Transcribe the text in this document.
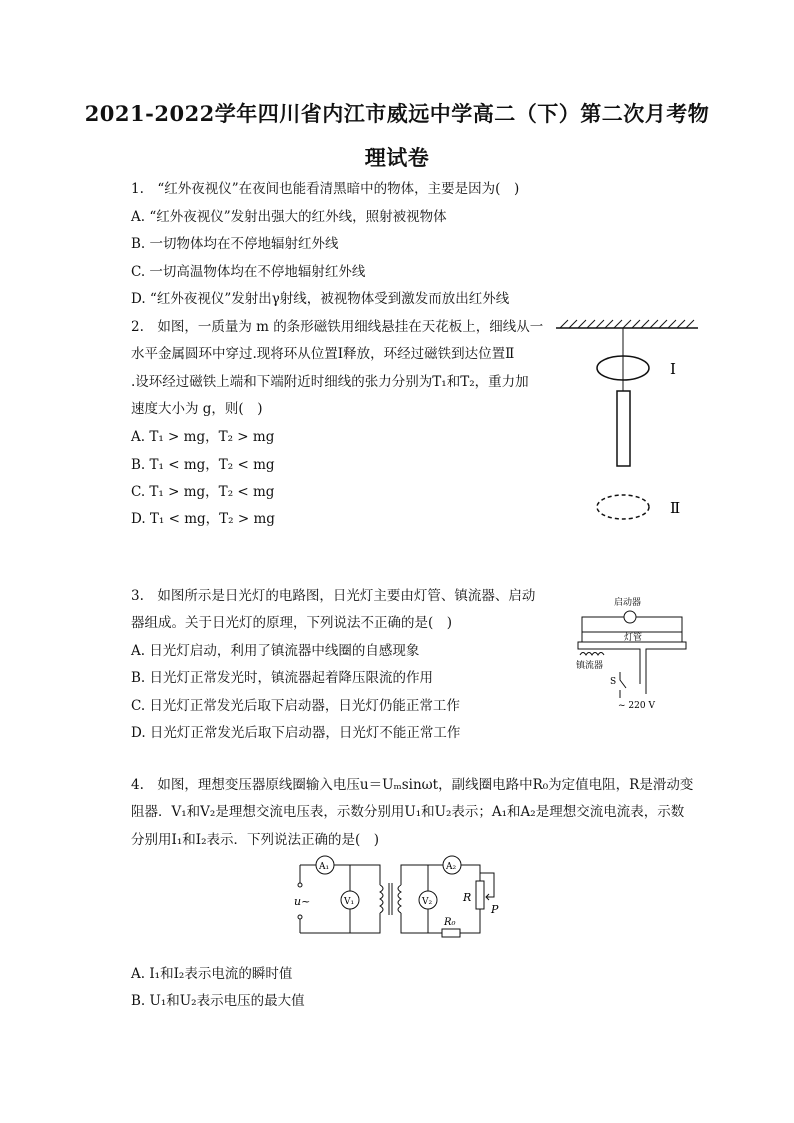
2021-2022学年四川省内江市威远中学高二（下）第二次月考物
理试卷
1.　“红外夜视仪”在夜间也能看清黑暗中的物体，主要是因为(　)
A. “红外夜视仪”发射出强大的红外线，照射被视物体
B. 一切物体均在不停地辐射红外线
C. 一切高温物体均在不停地辐射红外线
D. “红外夜视仪”发射出γ射线，被视物体受到激发而放出红外线
2.　如图，一质量为 m 的条形磁铁用细线悬挂在天花板上，细线从一
水平金属圆环中穿过.现将环从位置Ⅰ释放，环经过磁铁到达位置Ⅱ
.设环经过磁铁上端和下端附近时细线的张力分别为T₁和T₂，重力加
速度大小为 g，则(　)
A. T₁ > mg，T₂ > mg
B. T₁ < mg，T₂ < mg
C. T₁ > mg，T₂ < mg
D. T₁ < mg，T₂ > mg
Ⅰ
Ⅱ
3.　如图所示是日光灯的电路图，日光灯主要由灯管、镇流器、启动
器组成。关于日光灯的原理，下列说法不正确的是(　)
A. 日光灯启动，利用了镇流器中线圈的自感现象
B. 日光灯正常发光时，镇流器起着降压限流的作用
C. 日光灯正常发光后取下启动器，日光灯仍能正常工作
D. 日光灯正常发光后取下启动器，日光灯不能正常工作
启动器
灯管
镇流器
S
~ 220 V
4.　如图，理想变压器原线圈输入电压u＝Uₘsinωt，副线圈电路中R₀为定值电阻，R是滑动变
阻器．V₁和V₂是理想交流电压表，示数分别用U₁和U₂表示；A₁和A₂是理想交流电流表，示数
分别用I₁和I₂表示．下列说法正确的是(　)
A₁
V₁
u~
A₂
V₂	R
P
R₀
A. I₁和I₂表示电流的瞬时值
B. U₁和U₂表示电压的最大值
